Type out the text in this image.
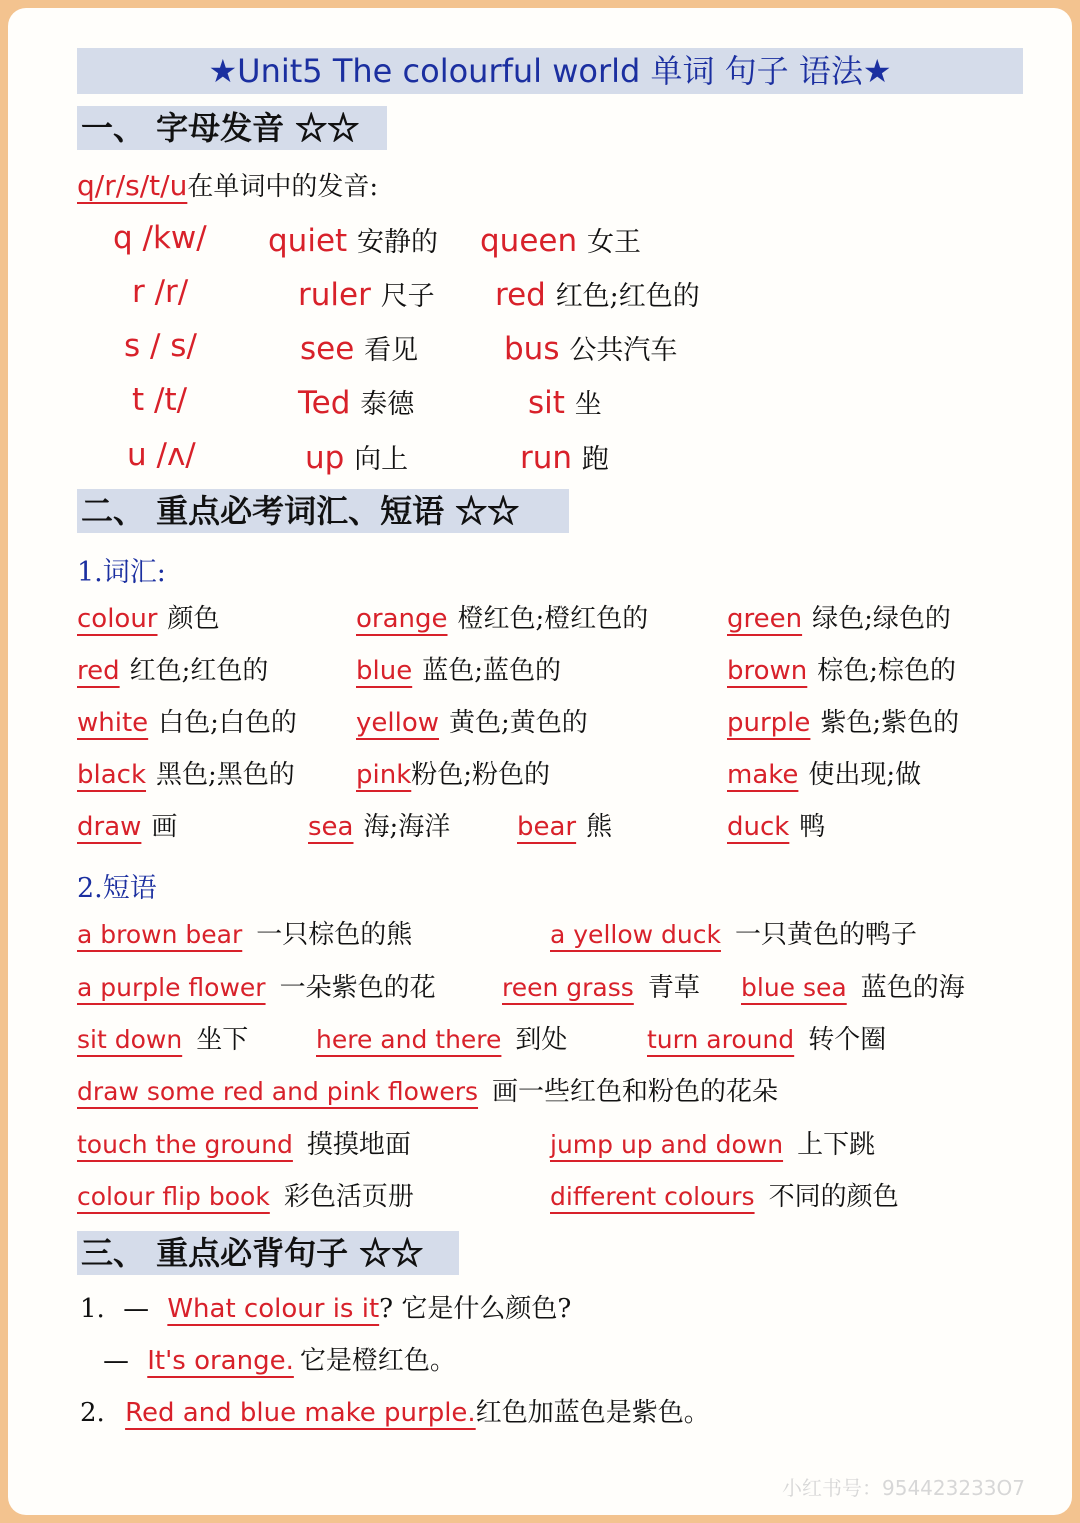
★Unit5 The colourful world 单词 句子 语法★
一、 字母发音 ☆☆
q/r/s/t/u在单词中的发音:
q /kw/ quiet 安静的 queen 女王
r /r/	ruler 尺子 red 红色;红色的
s / s/	see 看见	bus 公共汽车
t /t/	Ted 泰德	sit 坐
u /ʌ/	up 向上	run 跑
二、 重点必考词汇、短语 ☆☆
1.词汇:
colour 颜色	orange 橙红色;橙红色的	green 绿色;绿色的
red 红色;红色的	blue 蓝色;蓝色的	brown 棕色;棕色的
white 白色;白色的 yellow 黄色;黄色的	purple 紫色;紫色的
black 黑色;黑色的 pink粉色;粉色的	make 使出现;做
draw 画	sea 海;海洋	bear 熊	duck 鸭
2.短语
a brown bear 一只棕色的熊	a yellow duck 一只黄色的鸭子
a purple flower 一朵紫色的花	reen grass 青草 blue sea 蓝色的海
sit down 坐下	here and there 到处	turn around 转个圈
draw some red and pink flowers 画一些红色和粉色的花朵
touch the ground 摸摸地面	jump up and down 上下跳
colour flip book 彩色活页册	different colours 不同的颜色
三、 重点必背句子 ☆☆
1. — What colour is it? 它是什么颜色?
— It's orange. 它是橙红色。
2. Red and blue make purple.红色加蓝色是紫色。
小红书号：954423233O7
